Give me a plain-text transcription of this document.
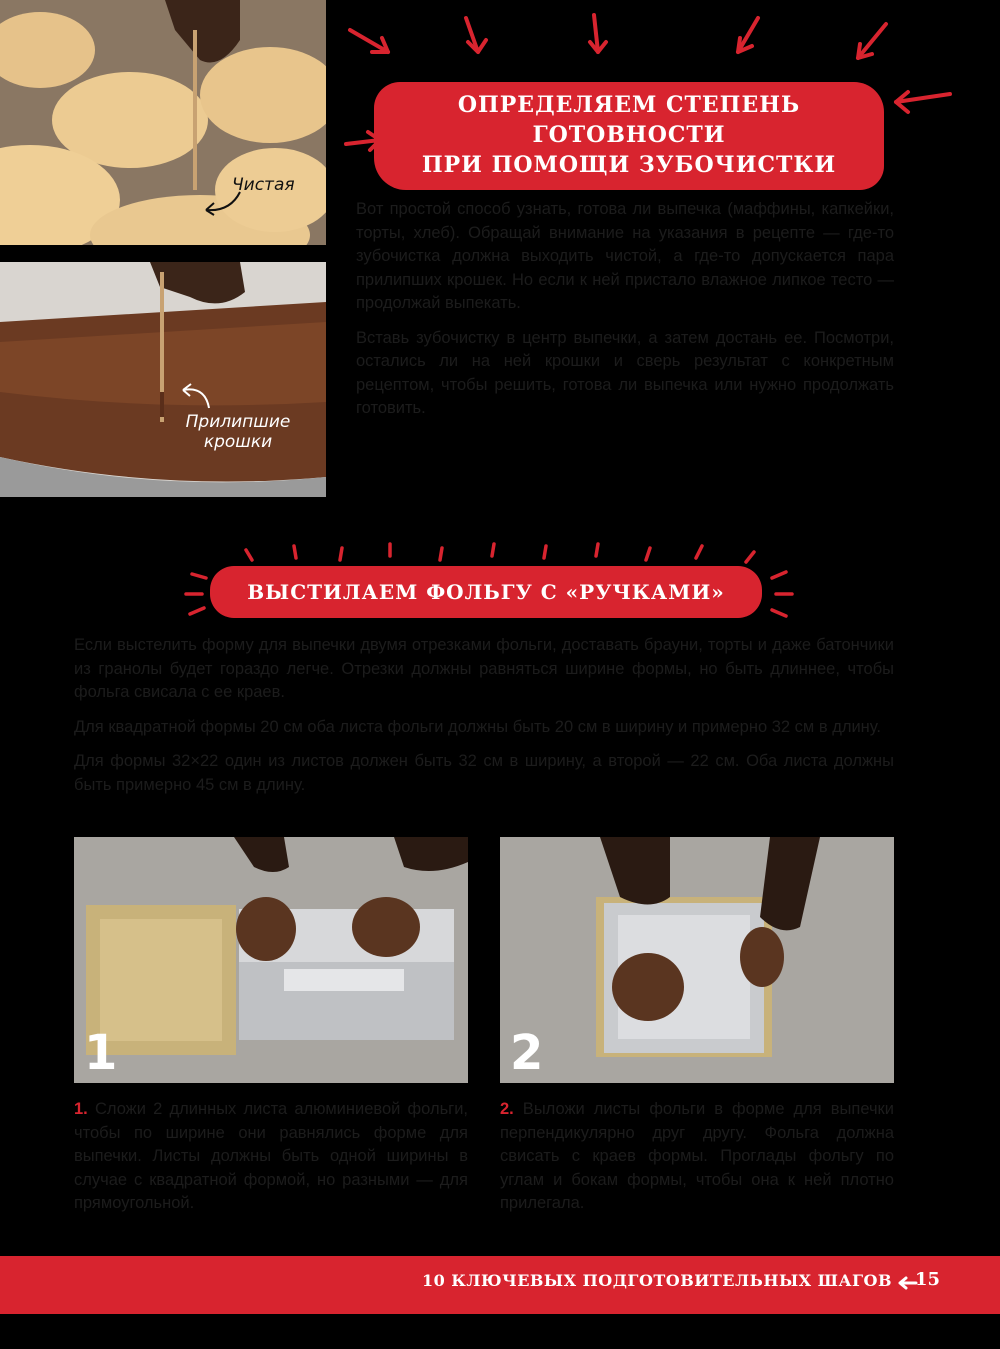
Чистая
Прилипшие крошки
ОПРЕДЕЛЯЕМ СТЕПЕНЬ ГОТОВНОСТИ
ПРИ ПОМОЩИ ЗУБОЧИСТКИ

Вот простой способ узнать, готова ли выпечка (маффины, капкейки, торты, хлеб). Обращай внимание на указания в рецепте — где-то зубочистка должна выходить чистой, а где-то допускается пара прилипших крошек. Но если к ней пристало влажное липкое тесто — продолжай выпекать.

Вставь зубочистку в центр выпечки, а затем достань ее. Посмотри, остались ли на ней крошки и сверь результат с конкретным рецептом, чтобы решить, готова ли выпечка или нужно продолжать готовить.

ВЫСТИЛАЕМ ФОЛЬГУ С «РУЧКАМИ»

Если выстелить форму для выпечки двумя отрезками фольги, доставать брауни, торты и даже батончики из гранолы будет гораздо легче. Отрезки должны равняться ширине формы, но быть длиннее, чтобы фольга свисала с ее краев.

Для квадратной формы 20 см оба листа фольги должны быть 20 см в ширину и примерно 32 см в длину.

Для формы 32×22 один из листов должен быть 32 см в ширину, а второй — 22 см. Оба листа должны быть примерно 45 см в длину.

1	2

1. Сложи 2 длинных листа алюминиевой фольги, чтобы по ширине они равнялись форме для выпечки. Листы должны быть одной ширины в случае с квадратной формой, но разными — для прямоугольной.

2. Выложи листы фольги в форме для выпечки перпендикулярно друг другу. Фольга должна свисать с краев формы. Проглады фольгу по углам и бокам формы, чтобы она к ней плотно прилегала.

10 КЛЮЧЕВЫХ ПОДГОТОВИТЕЛЬНЫХ ШАГОВ 15
